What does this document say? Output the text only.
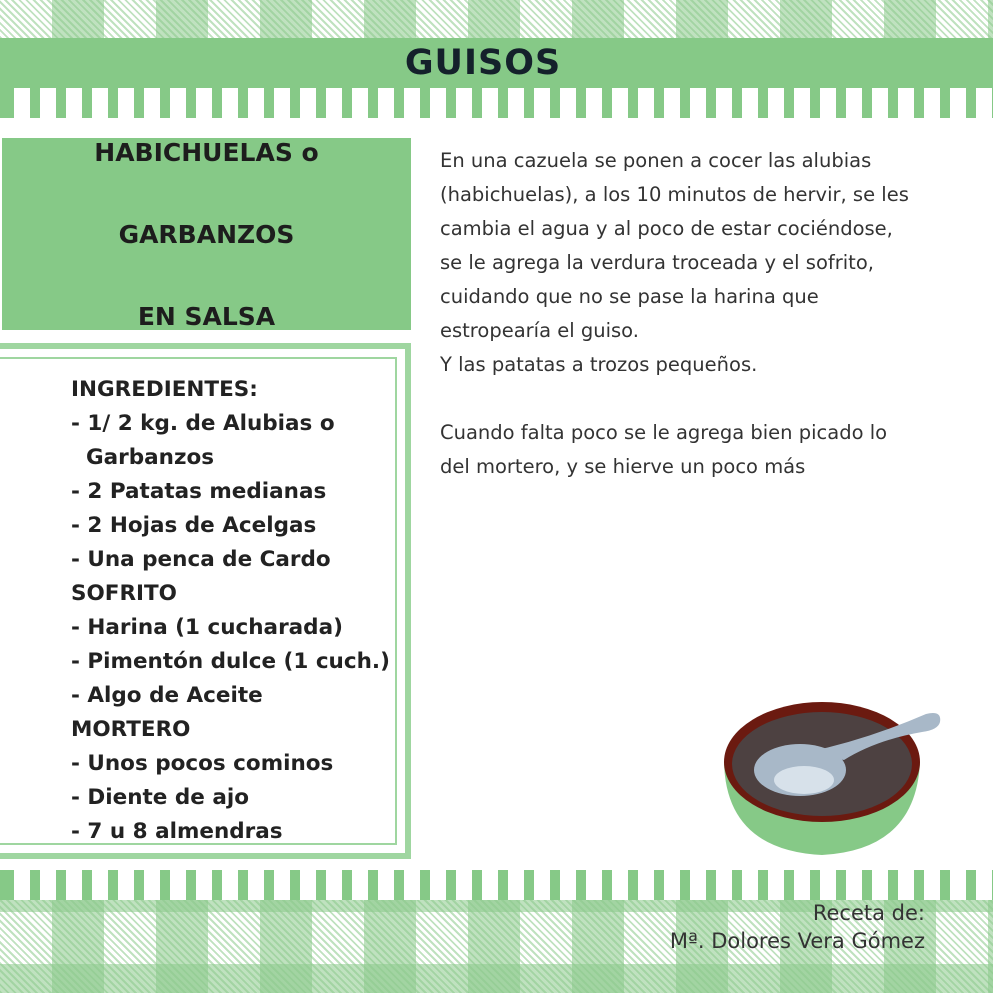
GUISOS

HABICHUELAS o

GARBANZOS

EN SALSA

INGREDIENTES:
- 1/ 2 kg. de Alubias o
Garbanzos
- 2 Patatas medianas
- 2 Hojas de Acelgas
- Una penca de Cardo
SOFRITO
- Harina (1 cucharada)
- Pimentón dulce (1 cuch.)
- Algo de Aceite
MORTERO
- Unos pocos cominos
- Diente de ajo
- 7 u 8 almendras

En una cazuela se ponen a cocer las alubias

(habichuelas), a los 10 minutos de hervir, se les

cambia el agua y al poco de estar cociéndose,

se le agrega la verdura troceada y el sofrito,

cuidando que no se pase la harina que

estropearía el guiso.

Y las patatas a trozos pequeños.

Cuando falta poco se le agrega bien picado lo

del mortero, y se hierve un poco más

Receta de:
Mª. Dolores Vera Gómez
